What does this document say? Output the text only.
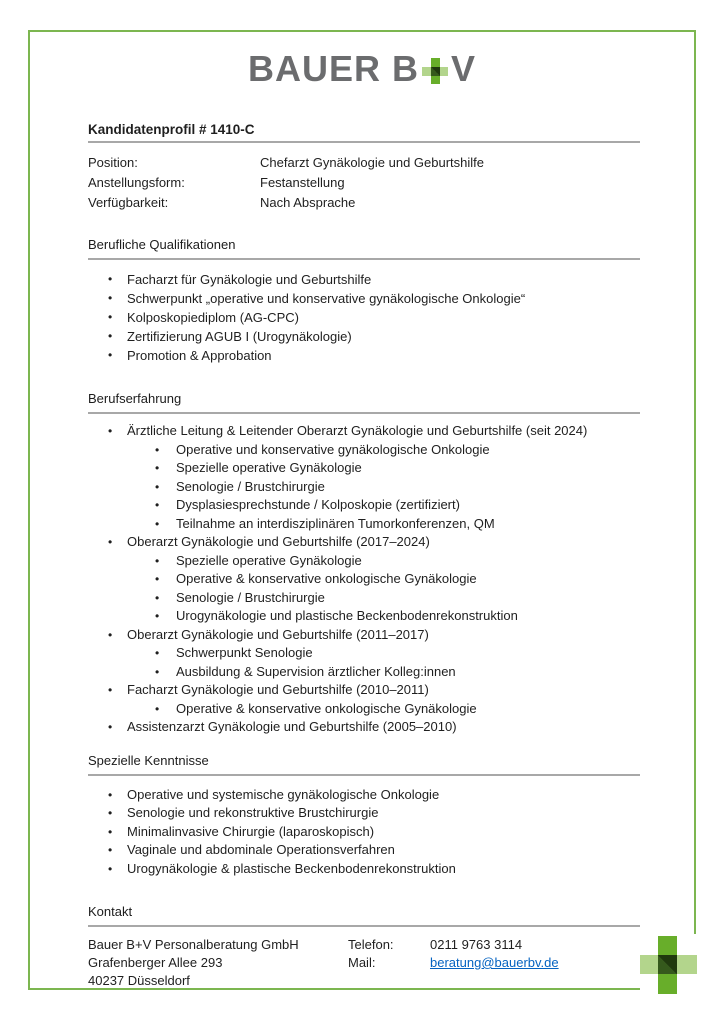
BAUER B V
Kandidatenprofil # 1410-C
Position:	Chefarzt Gynäkologie und Geburtshilfe
Anstellungsform:	Festanstellung
Verfügbarkeit:	Nach Absprache
Berufliche Qualifikationen
•	Facharzt für Gynäkologie und Geburtshilfe
•	Schwerpunkt „operative und konservative gynäkologische Onkologie“
•	Kolposkopiediplom (AG-CPC)
•	Zertifizierung AGUB I (Urogynäkologie)
•	Promotion & Approbation
Berufserfahrung
•	Ärztliche Leitung & Leitender Oberarzt Gynäkologie und Geburtshilfe (seit 2024)
•	Operative und konservative gynäkologische Onkologie
•	Spezielle operative Gynäkologie
•	Senologie / Brustchirurgie
•	Dysplasiesprechstunde / Kolposkopie (zertifiziert)
•	Teilnahme an interdisziplinären Tumorkonferenzen, QM
•	Oberarzt Gynäkologie und Geburtshilfe (2017–2024)
•	Spezielle operative Gynäkologie
•	Operative & konservative onkologische Gynäkologie
•	Senologie / Brustchirurgie
•	Urogynäkologie und plastische Beckenbodenrekonstruktion
•	Oberarzt Gynäkologie und Geburtshilfe (2011–2017)
•	Schwerpunkt Senologie
•	Ausbildung & Supervision ärztlicher Kolleg:innen
•	Facharzt Gynäkologie und Geburtshilfe (2010–2011)
•	Operative & konservative onkologische Gynäkologie
•	Assistenzarzt Gynäkologie und Geburtshilfe (2005–2010)
Spezielle Kenntnisse
•	Operative und systemische gynäkologische Onkologie
•	Senologie und rekonstruktive Brustchirurgie
•	Minimalinvasive Chirurgie (laparoskopisch)
•	Vaginale und abdominale Operationsverfahren
•	Urogynäkologie & plastische Beckenbodenrekonstruktion
Kontakt
Bauer B+V Personalberatung GmbH
Grafenberger Allee 293
40237 Düsseldorf
Telefon:	0211 9763 3114
Mail:	beratung@bauerbv.de
